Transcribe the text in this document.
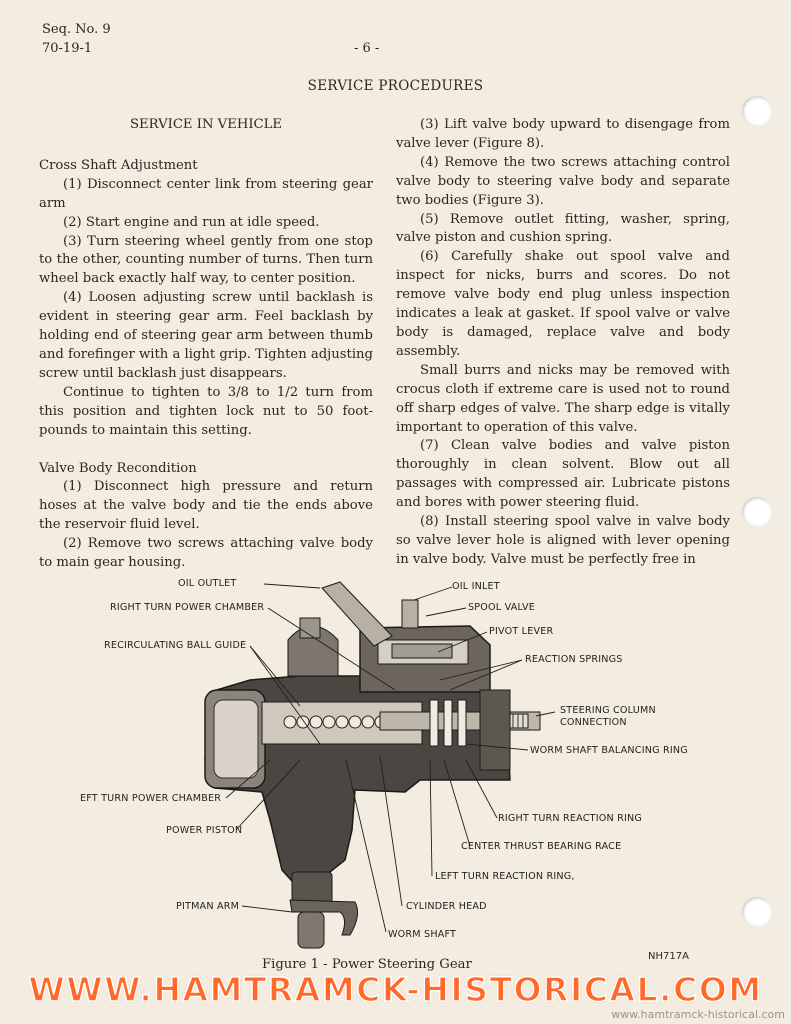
Seq. No. 9
70-19-1	- 6 -
SERVICE PROCEDURES

SERVICE IN VEHICLE

Cross Shaft Adjustment

(1) Disconnect center link from steering gear arm

(2) Start engine and run at idle speed.

(3) Turn steering wheel gently from one stop to the other, counting number of turns. Then turn wheel back exactly half way, to center position.

(4) Loosen adjusting screw until backlash is evident in steering gear arm. Feel backlash by holding end of steering gear arm between thumb and forefinger with a light grip. Tighten adjusting screw until backlash just disappears.

Continue to tighten to 3/8 to 1/2 turn from this position and tighten lock nut to 50 foot-pounds to maintain this setting.

Valve Body Recondition

(1) Disconnect high pressure and return hoses at the valve body and tie the ends above the reservoir fluid level.

(2) Remove two screws attaching valve body to main gear housing.

(3) Lift valve body upward to disengage from valve lever (Figure 8).

(4) Remove the two screws attaching control valve body to steering valve body and separate two bodies (Figure 3).

(5) Remove outlet fitting, washer, spring, valve piston and cushion spring.

(6) Carefully shake out spool valve and inspect for nicks, burrs and scores. Do not remove valve body end plug unless inspection indicates a leak at gasket. If spool valve or valve body is damaged, replace valve and body assembly.

Small burrs and nicks may be removed with crocus cloth if extreme care is used not to round off sharp edges of valve. The sharp edge is vitally important to operation of this valve.

(7) Clean valve bodies and valve piston thoroughly in clean solvent. Blow out all passages with compressed air. Lubricate pistons and bores with power steering fluid.

(8) Install steering spool valve in valve body so valve lever hole is aligned with lever opening in valve body. Valve must be perfectly free in

OIL OUTLET	OIL INLET
RIGHT TURN POWER CHAMBER	SPOOL VALVE
PIVOT LEVER
RECIRCULATING BALL GUIDE
REACTION SPRINGS
STEERING COLUMN
CONNECTION
WORM SHAFT BALANCING RING
EFT TURN POWER CHAMBER
RIGHT TURN REACTION RING
POWER PISTON
CENTER THRUST BEARING RACE
LEFT TURN REACTION RING,
CYLINDER HEAD
PITMAN ARM
WORM SHAFT
Figure 1 - Power Steering Gear
NH717A
WWW.HAMTRAMCK-HISTORICAL.COM
www.hamtramck-historical.com
